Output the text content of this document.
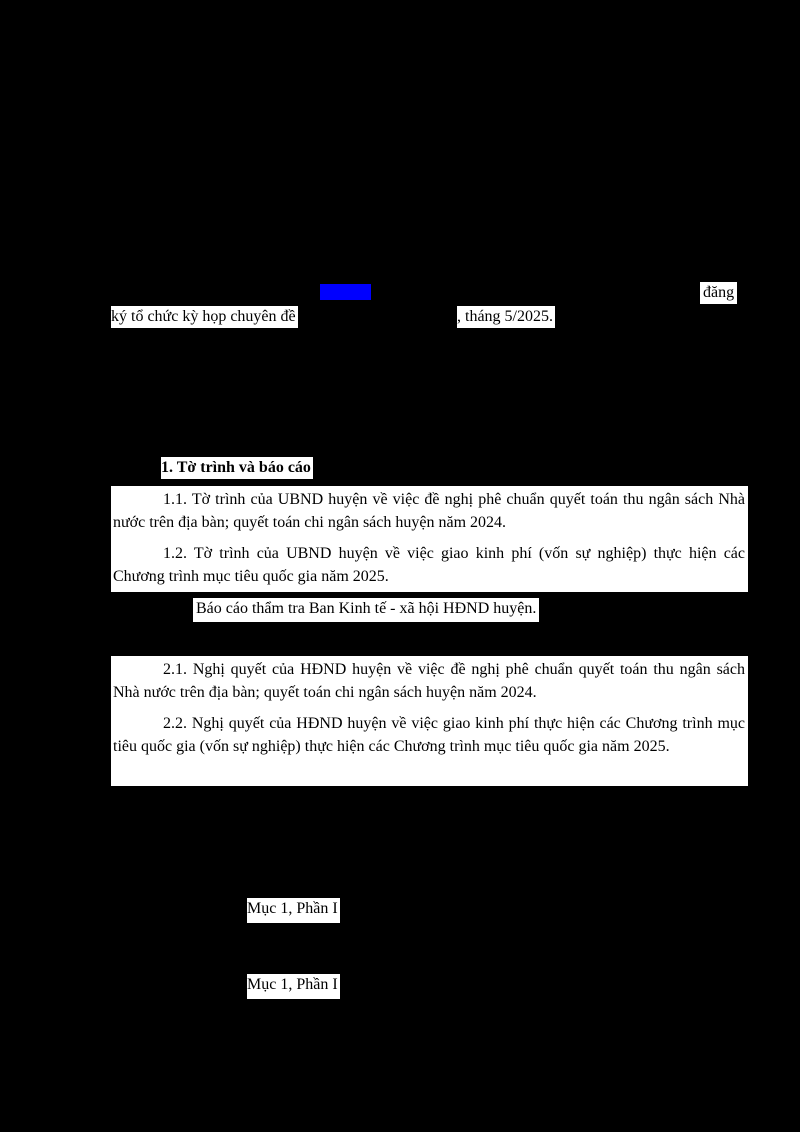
đăng

ký tổ chức kỳ họp chuyên đề	, tháng 5/2025.

1. Tờ trình và báo cáo

1.1. Tờ trình của UBND huyện về việc đề nghị phê chuẩn quyết toán thu ngân sách Nhà nước trên địa bàn; quyết toán chi ngân sách huyện năm 2024.

1.2. Tờ trình của UBND huyện về việc giao kinh phí (vốn sự nghiệp) thực hiện các Chương trình mục tiêu quốc gia năm 2025.

Báo cáo thẩm tra Ban Kinh tế - xã hội HĐND huyện.

2.1. Nghị quyết của HĐND huyện về việc đề nghị phê chuẩn quyết toán thu ngân sách Nhà nước trên địa bàn; quyết toán chi ngân sách huyện năm 2024.

2.2. Nghị quyết của HĐND huyện về việc giao kinh phí thực hiện các Chương trình mục tiêu quốc gia (vốn sự nghiệp) thực hiện các Chương trình mục tiêu quốc gia năm 2025.

Mục 1, Phần I

Mục 1, Phần I
